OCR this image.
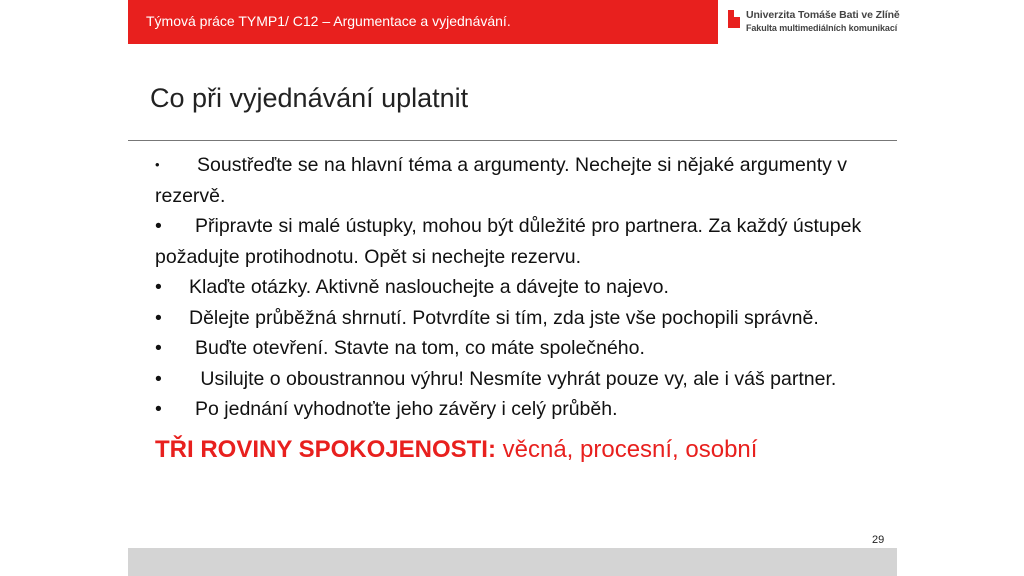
Týmová práce TYMP1/ C12 – Argumentace a vyjednávání.	Univerzita Tomáše Bati ve Zlíně
Fakulta multimediálních komunikací
Co při vyjednávání uplatnit

• Soustřeďte se na hlavní téma a argumenty. Nechejte si nějaké argumenty v rezervě.

• Připravte si malé ústupky, mohou být důležité pro partnera. Za každý ústupek požadujte protihodnotu. Opět si nechejte rezervu.

• Klaďte otázky. Aktivně naslouchejte a dávejte to najevo.

• Dělejte průběžná shrnutí. Potvrdíte si tím, zda jste vše pochopili správně.

• Buďte otevření. Stavte na tom, co máte společného.

• Usilujte o oboustrannou výhru! Nesmíte vyhrát pouze vy, ale i váš partner.

• Po jednání vyhodnoťte jeho závěry i celý průběh.

TŘI ROVINY SPOKOJENOSTI: věcná, procesní, osobní

29
